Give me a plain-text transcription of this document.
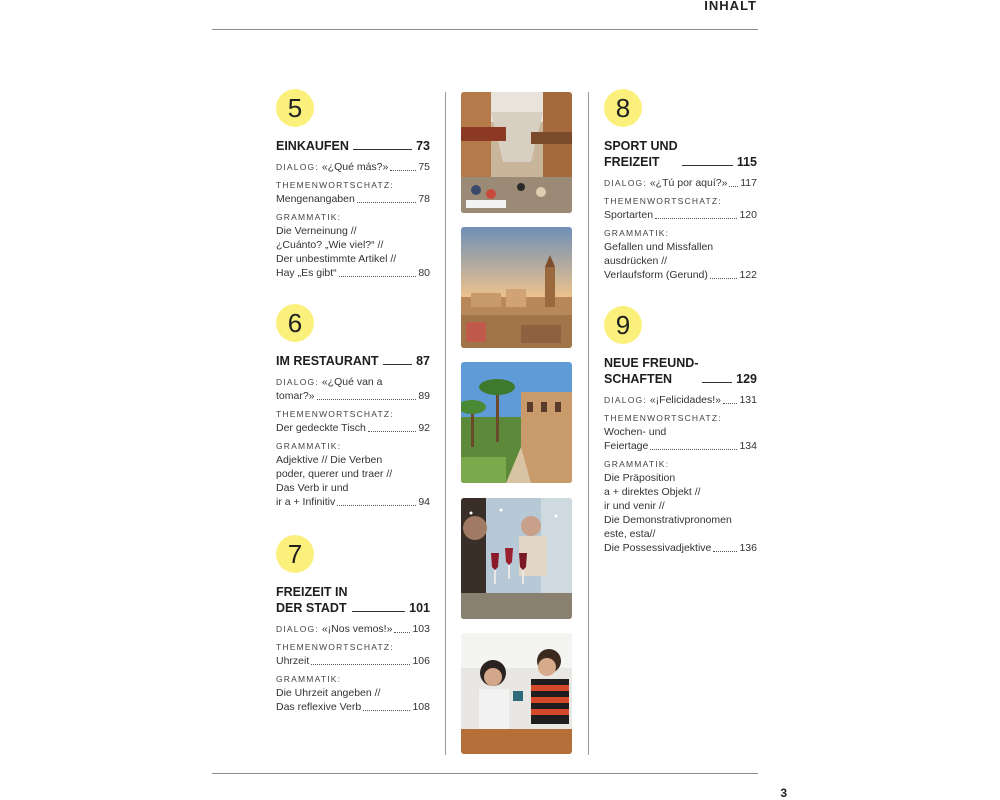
INHALT
5
EINKAUFEN	73
DIALOG: «¿Qué más?»	75
THEMENWORTSCHATZ:
Mengenangaben	78
GRAMMATIK:
Die Verneinung //
¿Cuánto? „Wie viel?“ //
Der unbestimmte Artikel //
Hay „Es gibt“	80
6
IM RESTAURANT	87
DIALOG: «¿Qué van a
tomar?»	89
THEMENWORTSCHATZ:
Der gedeckte Tisch	92
GRAMMATIK:
Adjektive // Die Verben
poder, querer und traer //
Das Verb ir und
ir a + Infinitiv	94
7
FREIZEIT IN
DER STADT	101
DIALOG: «¡Nos vemos!» 103
THEMENWORTSCHATZ:
Uhrzeit	106
GRAMMATIK:
Die Uhrzeit angeben //
Das reflexive Verb	108
8
SPORT UND
FREIZEIT	115
DIALOG: «¿Tú por aquí?» 117
THEMENWORTSCHATZ:
Sportarten	120
GRAMMATIK:
Gefallen und Missfallen
ausdrücken //
Verlaufsform (Gerund)	122
9
NEUE FREUND-
SCHAFTEN	129
DIALOG: «¡Felicidades!» 131
THEMENWORTSCHATZ:
Wochen- und
Feiertage	134
GRAMMATIK:
Die Präposition
a + direktes Objekt //
ir und venir //
Die Demonstrativpronomen
este, esta//
Die Possessivadjektive	136
3
